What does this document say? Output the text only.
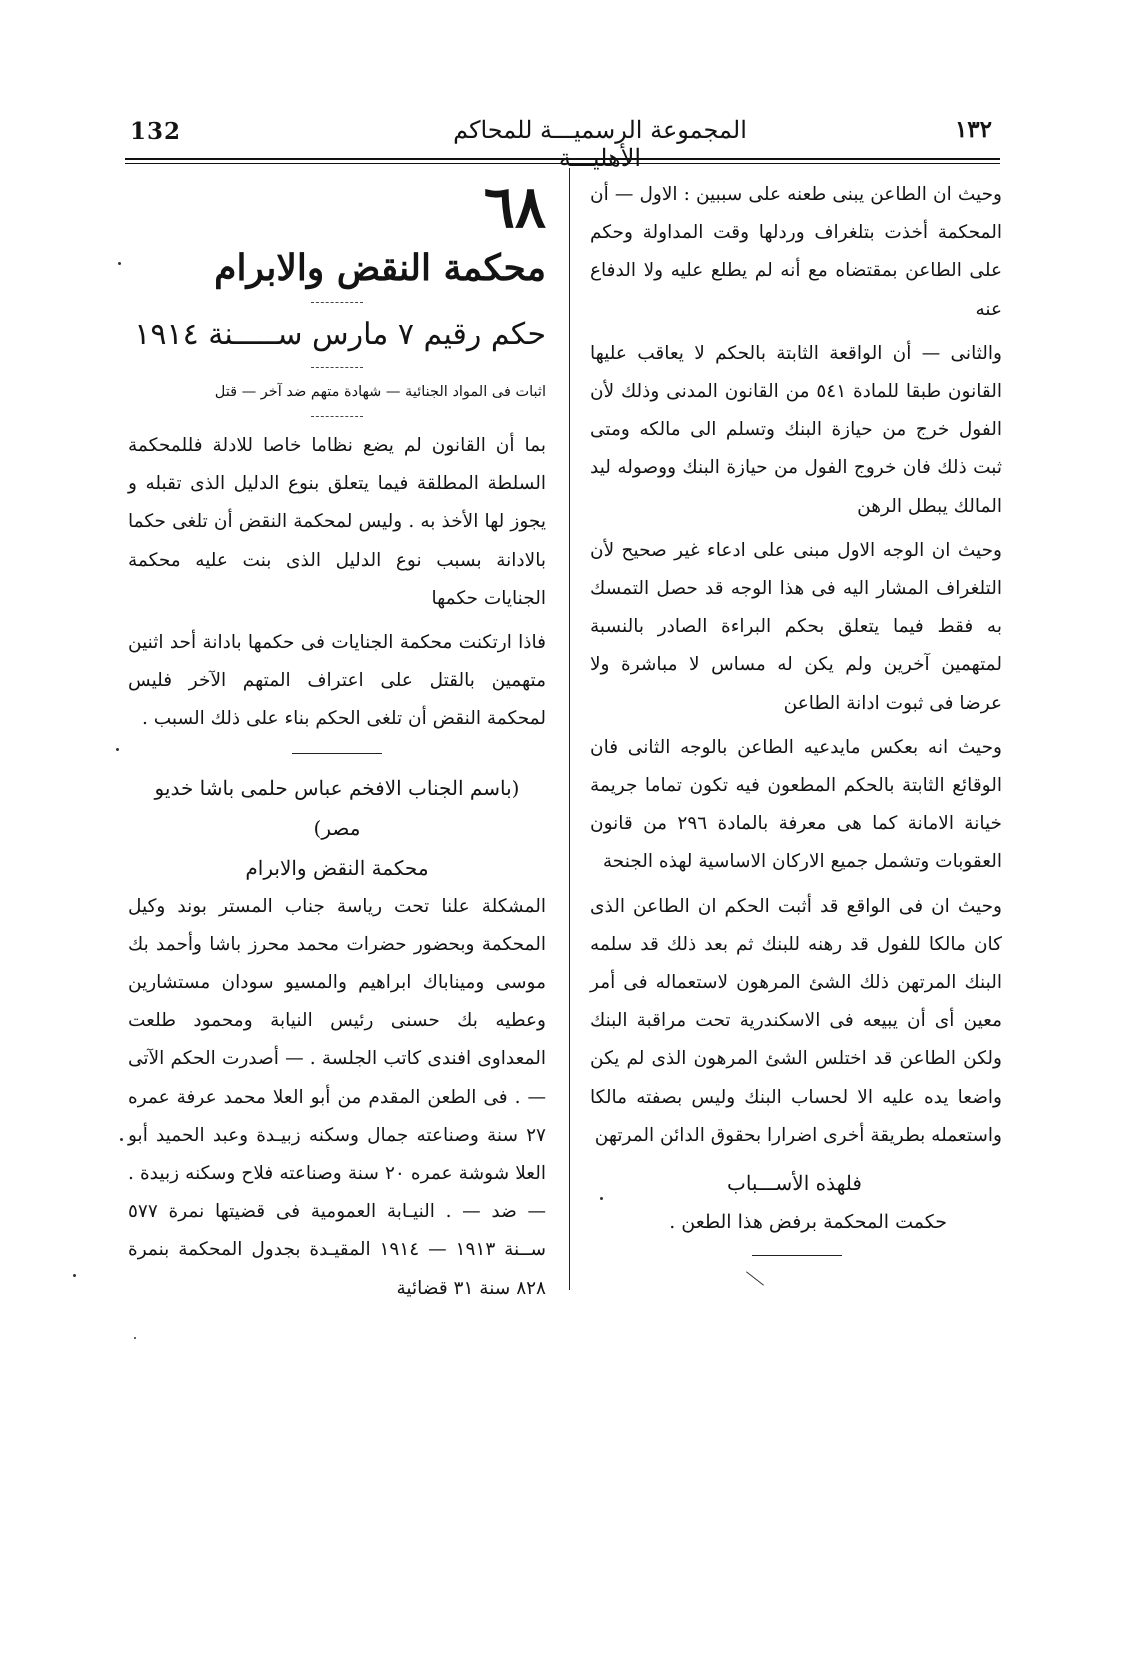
132	المجموعة الرسميـــة للمحاكم الأهليـــة
١٣٢

٦٨

محكمة النقض والابرام

حكم رقيم ٧ مارس ســـــنة ١٩١٤

اثبات فى المواد الجنائية — شهادة متهم ضد آخر — قتل

بما أن القانون لم يضع نظاما خاصا للادلة فللمحكمة السلطة المطلقة فيما يتعلق بنوع الدليل الذى تقبله و يجوز لها الأخذ به . وليس لمحكمة النقض أن تلغى حكما بالادانة بسبب نوع الدليل الذى بنت عليه محكمة الجنايات حكمها

فاذا ارتكنت محكمة الجنايات فى حكمها بادانة أحد اثنين متهمين بالقتل على اعتراف المتهم الآخر فليس لمحكمة النقض أن تلغى الحكم بناء على ذلك السبب .

(باسم الجناب الافخم عباس حلمى باشا خديو مصر)

محكمة النقض والابرام

المشكلة علنا تحت رياسة جناب المستر بوند وكيل المحكمة وبحضور حضرات محمد محرز باشا وأحمد بك موسى وميناباك ابراهيم والمسيو سودان مستشارين وعطيه بك حسنى رئيس النيابة ومحمود طلعت المعداوى افندى كاتب الجلسة . — أصدرت الحكم الآتى — . فى الطعن المقدم من أبو العلا محمد عرفة عمره ٢٧ سنة وصناعته جمال وسكنه زبيـدة وعبد الحميد أبو العلا شوشة عمره ٢٠ سنة وصناعته فلاح وسكنه زبيدة . — ضد — . النيـابة العمومية فى قضيتها نمرة ٥٧٧ ســنة ١٩١٣ — ١٩١٤ المقيـدة بجدول المحكمة بنمرة ٨٢٨ سنة ٣١ قضائية

وحيث ان الطاعن يبنى طعنه على سببين : الاول — أن المحكمة أخذت بتلغراف وردلها وقت المداولة وحكم على الطاعن بمقتضاه مع أنه لم يطلع عليه ولا الدفاع عنه

والثانى — أن الواقعة الثابتة بالحكم لا يعاقب عليها القانون طبقا للمادة ٥٤١ من القانون المدنى وذلك لأن الفول خرج من حيازة البنك وتسلم الى مالكه ومتى ثبت ذلك فان خروج الفول من حيازة البنك ووصوله ليد المالك يبطل الرهن

وحيث ان الوجه الاول مبنى على ادعاء غير صحيح لأن التلغراف المشار اليه فى هذا الوجه قد حصل التمسك به فقط فيما يتعلق بحكم البراءة الصادر بالنسبة لمتهمين آخرين ولم يكن له مساس لا مباشرة ولا عرضا فى ثبوت ادانة الطاعن

وحيث انه بعكس مايدعيه الطاعن بالوجه الثانى فان الوقائع الثابتة بالحكم المطعون فيه تكون تماما جريمة خيانة الامانة كما هى معرفة بالمادة ٢٩٦ من قانون العقوبات وتشمل جميع الاركان الاساسية لهذه الجنحة

وحيث ان فى الواقع قد أثبت الحكم ان الطاعن الذى كان مالكا للفول قد رهنه للبنك ثم بعد ذلك قد سلمه البنك المرتهن ذلك الشئ المرهون لاستعماله فى أمر معين أى أن يبيعه فى الاسكندرية تحت مراقبة البنك ولكن الطاعن قد اختلس الشئ المرهون الذى لم يكن واضعا يده عليه الا لحساب البنك وليس بصفته مالكا واستعمله بطريقة أخرى اضرارا بحقوق الدائن المرتهن

فلهذه الأســـباب

حكمت المحكمة برفض هذا الطعن .
